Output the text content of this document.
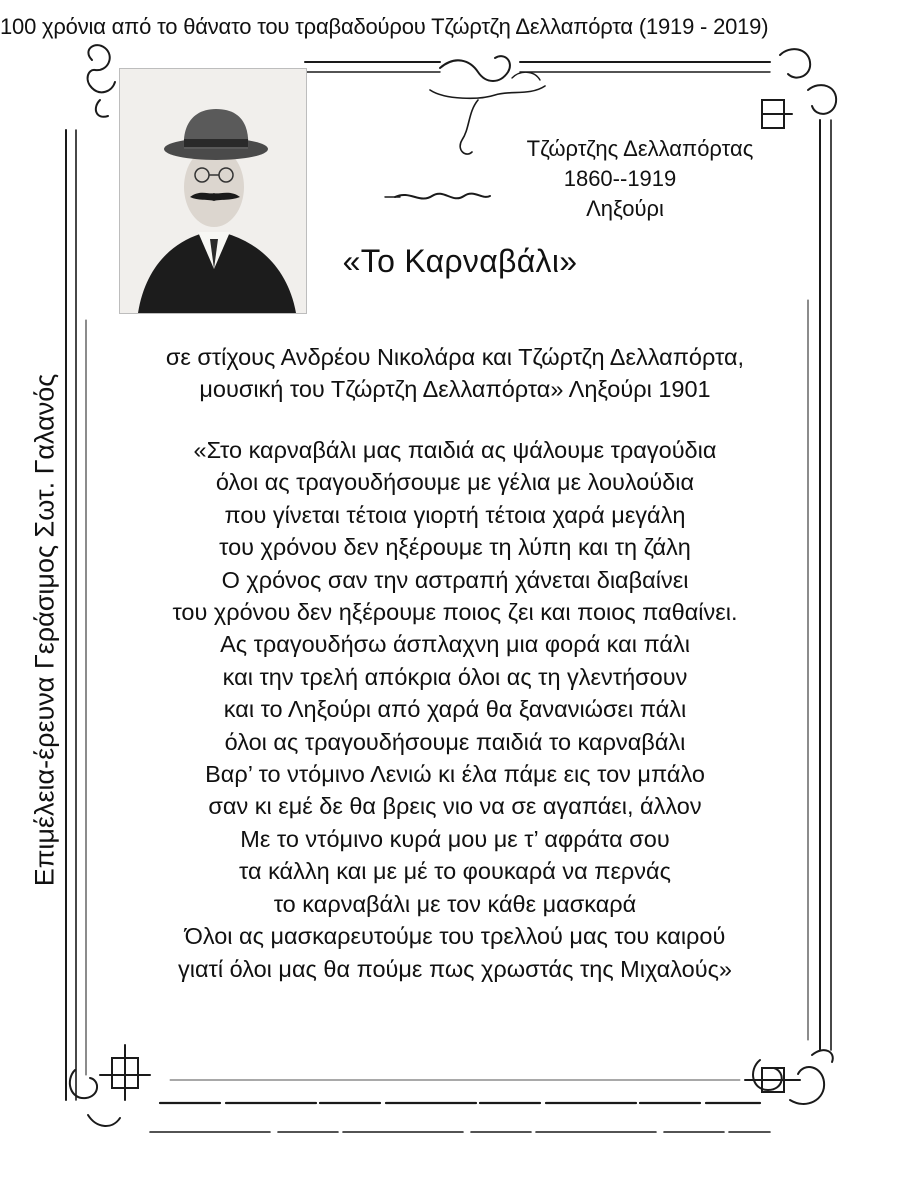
100 χρόνια από το θάνατο του τραβαδούρου Τζώρτζη Δελλαπόρτα (1919 - 2019)
Τζώρτζης Δελλαπόρτας
1860--1919
Ληξούρι
«Το Καρναβάλι»
σε στίχους Ανδρέου Νικολάρα και Τζώρτζη Δελλαπόρτα,
μουσική του Τζώρτζη Δελλαπόρτα» Ληξούρι 1901
«Στο καρναβάλι μας παιδιά ας ψάλουμε τραγούδια
όλοι ας τραγουδήσουμε με γέλια με λουλούδια
που γίνεται τέτοια γιορτή τέτοια χαρά μεγάλη
του χρόνου δεν ηξέρουμε τη λύπη και τη ζάλη
Ο χρόνος σαν την αστραπή χάνεται διαβαίνει
του χρόνου δεν ηξέρουμε ποιος ζει και ποιος παθαίνει.
Ας τραγουδήσω άσπλαχνη μια φορά και πάλι
και την τρελή απόκρια όλοι ας τη γλεντήσουν
και το Ληξούρι από χαρά θα ξανανιώσει πάλι
όλοι ας τραγουδήσουμε παιδιά το καρναβάλι
Βαρ’ το ντόμινο Λενιώ κι έλα πάμε εις τον μπάλο
σαν κι εμέ δε θα βρεις νιο να σε αγαπάει, άλλον
Με το ντόμινο κυρά μου με τ’ αφράτα σου
τα κάλλη και με μέ το φουκαρά να περνάς
το καρναβάλι με τον κάθε μασκαρά
Όλοι ας μασκαρευτούμε του τρελλού μας του καιρού
γιατί όλοι μας θα πούμε πως χρωστάς της Μιχαλούς»
Επιμέλεια-έρευνα Γεράσιμος Σωτ. Γαλανός
